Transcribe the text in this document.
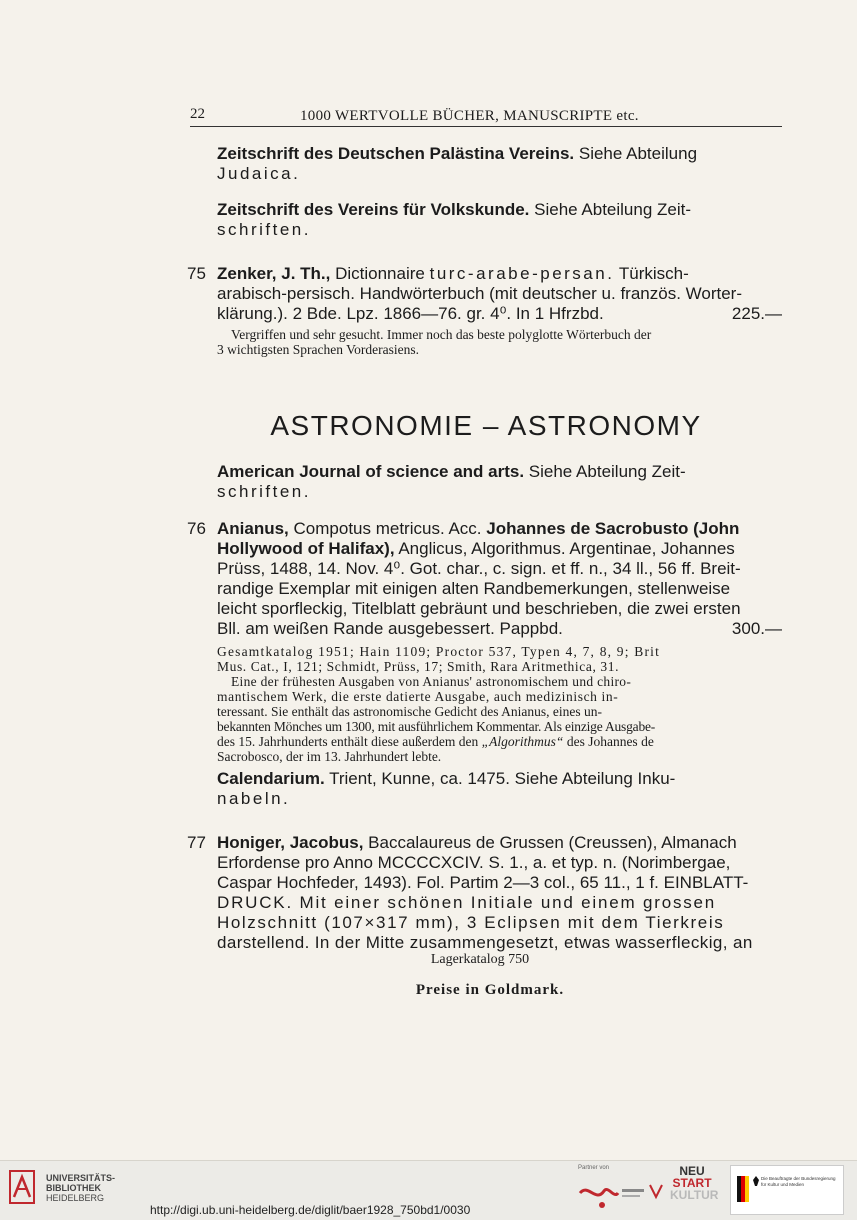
22	1000 WERTVOLLE BÜCHER, MANUSCRIPTE etc.
Zeitschrift des Deutschen Palästina Vereins. Siehe Abteilung
Judaica.
Zeitschrift des Vereins für Volkskunde. Siehe Abteilung Zeit-
schriften.
75 Zenker, J. Th., Dictionnaire turc-arabe-persan. Türkisch-
arabisch-persisch. Handwörterbuch (mit deutscher u. französ. Worter-
klärung.). 2 Bde. Lpz. 1866—76. gr. 4⁰. In 1 Hfrzbd.	225.—
Vergriffen und sehr gesucht. Immer noch das beste polyglotte Wörterbuch der
3 wichtigsten Sprachen Vorderasiens.
ASTRONOMIE – ASTRONOMY
American Journal of science and arts. Siehe Abteilung Zeit-
schriften.
76 Anianus, Compotus metricus. Acc. Johannes de Sacrobusto (John
Hollywood of Halifax), Anglicus, Algorithmus. Argentinae, Johannes
Prüss, 1488, 14. Nov. 4⁰. Got. char., c. sign. et ff. n., 34 ll., 56 ff. Breit-
randige Exemplar mit einigen alten Randbemerkungen, stellenweise
leicht sporfleckig, Titelblatt gebräunt und beschrieben, die zwei ersten
Bll. am weißen Rande ausgebessert. Pappbd.	300.—
Gesamtkatalog 1951; Hain 1109; Proctor 537, Typen 4, 7, 8, 9; Brit
Mus. Cat., I, 121; Schmidt, Prüss, 17; Smith, Rara Aritmethica, 31.
Eine der frühesten Ausgaben von Anianus' astronomischem und chiro-
mantischem Werk, die erste datierte Ausgabe, auch medizinisch in-
teressant. Sie enthält das astronomische Gedicht des Anianus, eines un-
bekannten Mönches um 1300, mit ausführlichem Kommentar. Als einzige Ausgabe-
des 15. Jahrhunderts enthält diese außerdem den „Algorithmus“ des Johannes de
Sacrobosco, der im 13. Jahrhundert lebte.
Calendarium. Trient, Kunne, ca. 1475. Siehe Abteilung Inku-
nabeln.
77 Honiger, Jacobus, Baccalaureus de Grussen (Creussen), Almanach
Erfordense pro Anno MCCCCXCIV. S. 1., a. et typ. n. (Norimbergae,
Caspar Hochfeder, 1493). Fol. Partim 2—3 col., 65 11., 1 f. EINBLATT-
DRUCK. Mit einer schönen Initiale und einem grossen
Holzschnitt (107×317 mm), 3 Eclipsen mit dem Tierkreis
darstellend. In der Mitte zusammengesetzt, etwas wasserfleckig, an
Lagerkatalog 750
Preise in Goldmark.
UNIVERSITÄTS-
BIBLIOTHEK
HEIDELBERG
http://digi.ub.uni-heidelberg.de/diglit/baer1928_750bd1/0030
Partner von	NEU
START
KULTUR
Die Beauftragte der Bundesregierung für Kultur und Medien
